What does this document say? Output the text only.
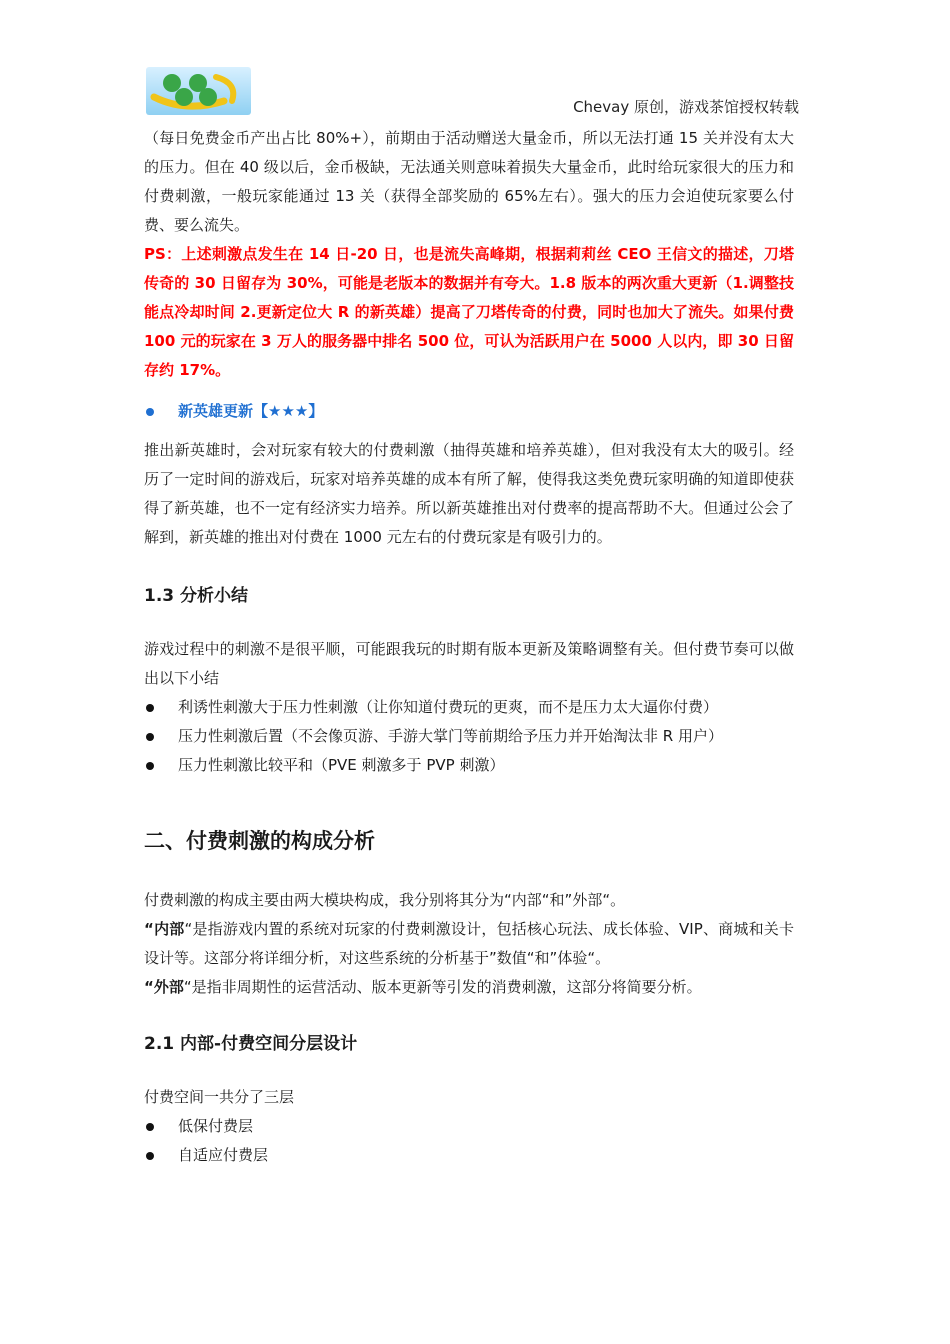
Chevay 原创，游戏茶馆授权转载

（每日免费金币产出占比 80%+），前期由于活动赠送大量金币，所以无法打通 15 关并没有太大的压力。但在 40 级以后，金币极缺，无法通关则意味着损失大量金币，此时给玩家很大的压力和付费刺激，一般玩家能通过 13 关（获得全部奖励的 65%左右）。强大的压力会迫使玩家要么付费、要么流失。

PS：上述刺激点发生在 14 日-20 日，也是流失高峰期，根据莉莉丝 CEO 王信文的描述，刀塔传奇的 30 日留存为 30%，可能是老版本的数据并有夸大。1.8 版本的两次重大更新（1.调整技能点冷却时间 2.更新定位大 R 的新英雄）提高了刀塔传奇的付费，同时也加大了流失。如果付费 100 元的玩家在 3 万人的服务器中排名 500 位，可认为活跃用户在 5000 人以内，即 30 日留存约 17%。

新英雄更新【★★★】

推出新英雄时，会对玩家有较大的付费刺激（抽得英雄和培养英雄），但对我没有太大的吸引。经历了一定时间的游戏后，玩家对培养英雄的成本有所了解，使得我这类免费玩家明确的知道即使获得了新英雄，也不一定有经济实力培养。所以新英雄推出对付费率的提高帮助不大。但通过公会了解到，新英雄的推出对付费在 1000 元左右的付费玩家是有吸引力的。

1.3 分析小结

游戏过程中的刺激不是很平顺，可能跟我玩的时期有版本更新及策略调整有关。但付费节奏可以做出以下小结

利诱性刺激大于压力性刺激（让你知道付费玩的更爽，而不是压力太大逼你付费）
压力性刺激后置（不会像页游、手游大掌门等前期给予压力并开始淘汰非 R 用户）
压力性刺激比较平和（PVE 刺激多于 PVP 刺激）
二、付费刺激的构成分析

付费刺激的构成主要由两大模块构成，我分别将其分为“内部“和”外部“。

“内部“是指游戏内置的系统对玩家的付费刺激设计，包括核心玩法、成长体验、VIP、商城和关卡设计等。这部分将详细分析，对这些系统的分析基于”数值“和”体验“。

“外部“是指非周期性的运营活动、版本更新等引发的消费刺激，这部分将简要分析。

2.1 内部-付费空间分层设计

付费空间一共分了三层

低保付费层
自适应付费层
